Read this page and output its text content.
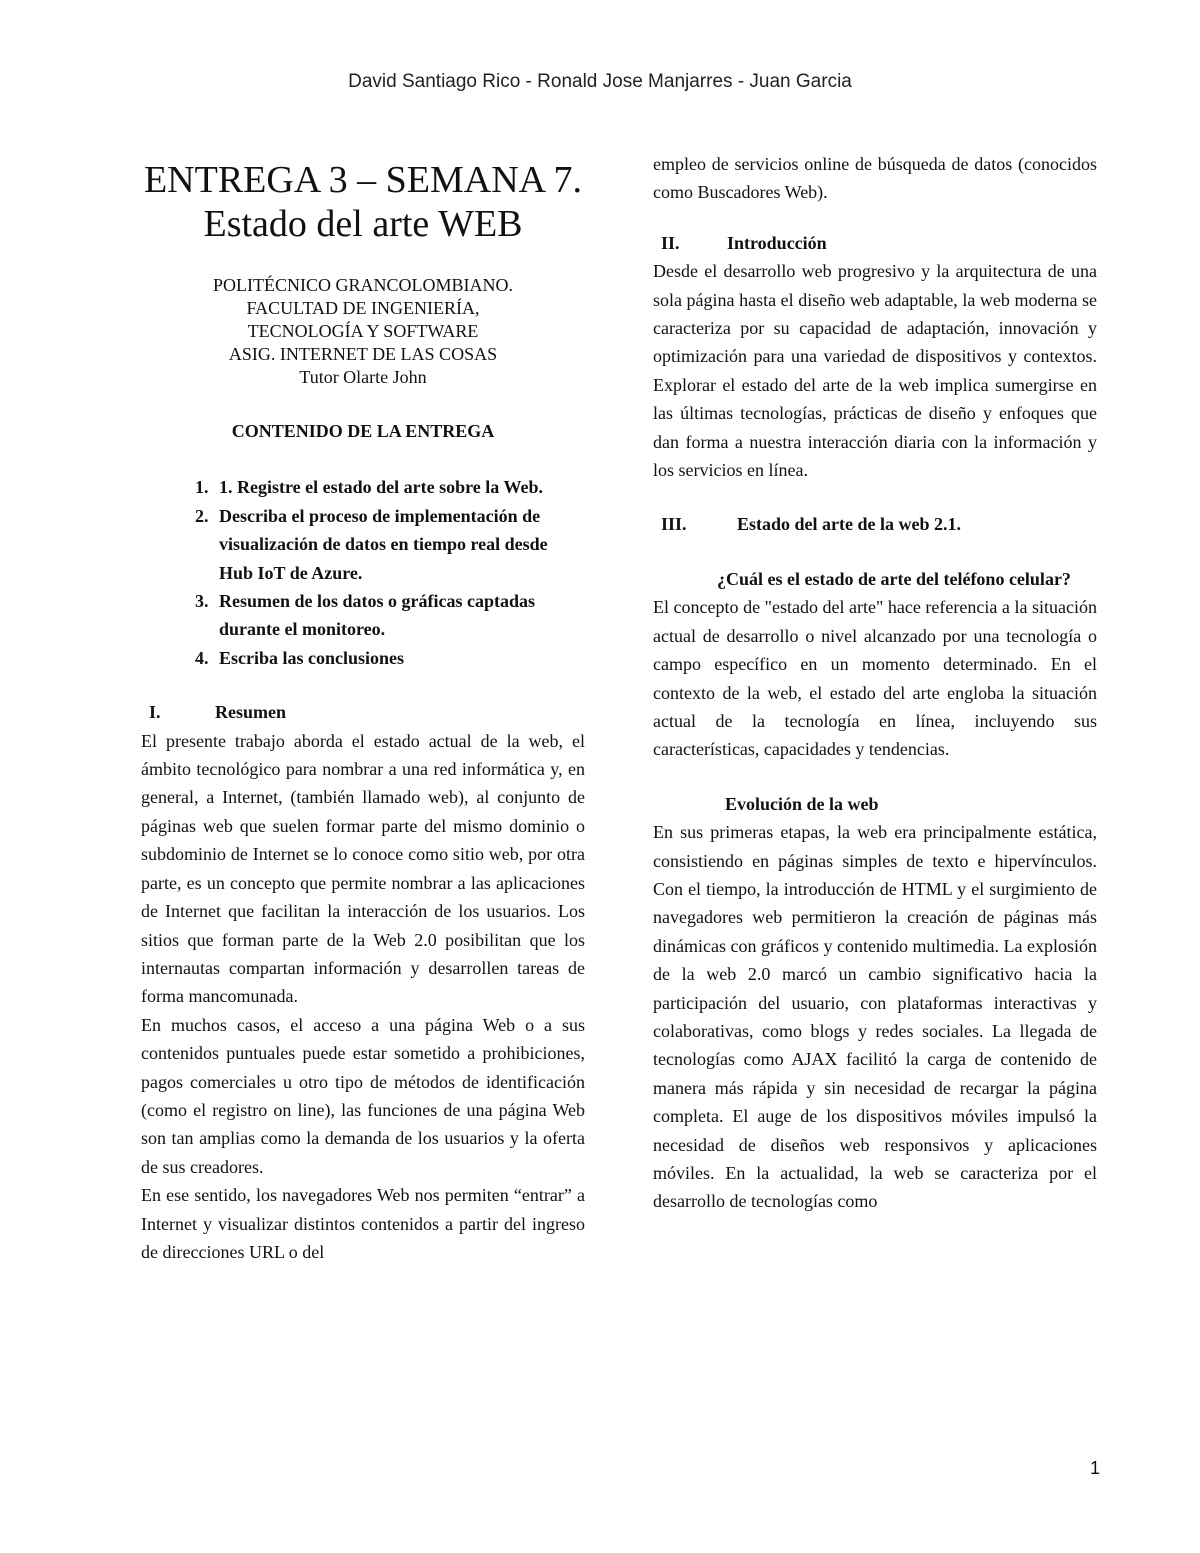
David Santiago Rico - Ronald Jose Manjarres - Juan Garcia
ENTREGA 3 – SEMANA 7.
Estado del arte WEB
POLITÉCNICO GRANCOLOMBIANO.
FACULTAD DE INGENIERÍA,
TECNOLOGÍA Y SOFTWARE
ASIG. INTERNET DE LAS COSAS
Tutor Olarte John
CONTENIDO DE LA ENTREGA
1. 1. Registre el estado del arte sobre la Web.
2. Describa el proceso de implementación de visualización de datos en tiempo real desde Hub IoT de Azure.
3. Resumen de los datos o gráficas captadas durante el monitoreo.
4. Escriba las conclusiones
I.	Resumen

El presente trabajo aborda el estado actual de la web, el ámbito tecnológico para nombrar a una red informática y, en general, a Internet, (también llamado web), al conjunto de páginas web que suelen formar parte del mismo dominio o subdominio de Internet se lo conoce como sitio web, por otra parte, es un concepto que permite nombrar a las aplicaciones de Internet que facilitan la interacción de los usuarios. Los sitios que forman parte de la Web 2.0 posibilitan que los internautas compartan información y desarrollen tareas de forma mancomunada.

En muchos casos, el acceso a una página Web o a sus contenidos puntuales puede estar sometido a prohibiciones, pagos comerciales u otro tipo de métodos de identificación (como el registro on line), las funciones de una página Web son tan amplias como la demanda de los usuarios y la oferta de sus creadores.

En ese sentido, los navegadores Web nos permiten “entrar” a Internet y visualizar distintos contenidos a partir del ingreso de direcciones URL o del

empleo de servicios online de búsqueda de datos (conocidos como Buscadores Web).

II.	Introducción

Desde el desarrollo web progresivo y la arquitectura de una sola página hasta el diseño web adaptable, la web moderna se caracteriza por su capacidad de adaptación, innovación y optimización para una variedad de dispositivos y contextos. Explorar el estado del arte de la web implica sumergirse en las últimas tecnologías, prácticas de diseño y enfoques que dan forma a nuestra interacción diaria con la información y los servicios en línea.

III.	Estado del arte de la web 2.1.
¿Cuál es el estado de arte del teléfono celular?

El concepto de "estado del arte" hace referencia a la situación actual de desarrollo o nivel alcanzado por una tecnología o campo específico en un momento determinado. En el contexto de la web, el estado del arte engloba la situación actual de la tecnología en línea, incluyendo sus características, capacidades y tendencias.

Evolución de la web

En sus primeras etapas, la web era principalmente estática, consistiendo en páginas simples de texto e hipervínculos. Con el tiempo, la introducción de HTML y el surgimiento de navegadores web permitieron la creación de páginas más dinámicas con gráficos y contenido multimedia. La explosión de la web 2.0 marcó un cambio significativo hacia la participación del usuario, con plataformas interactivas y colaborativas, como blogs y redes sociales. La llegada de tecnologías como AJAX facilitó la carga de contenido de manera más rápida y sin necesidad de recargar la página completa. El auge de los dispositivos móviles impulsó la necesidad de diseños web responsivos y aplicaciones móviles. En la actualidad, la web se caracteriza por el desarrollo de tecnologías como

1
